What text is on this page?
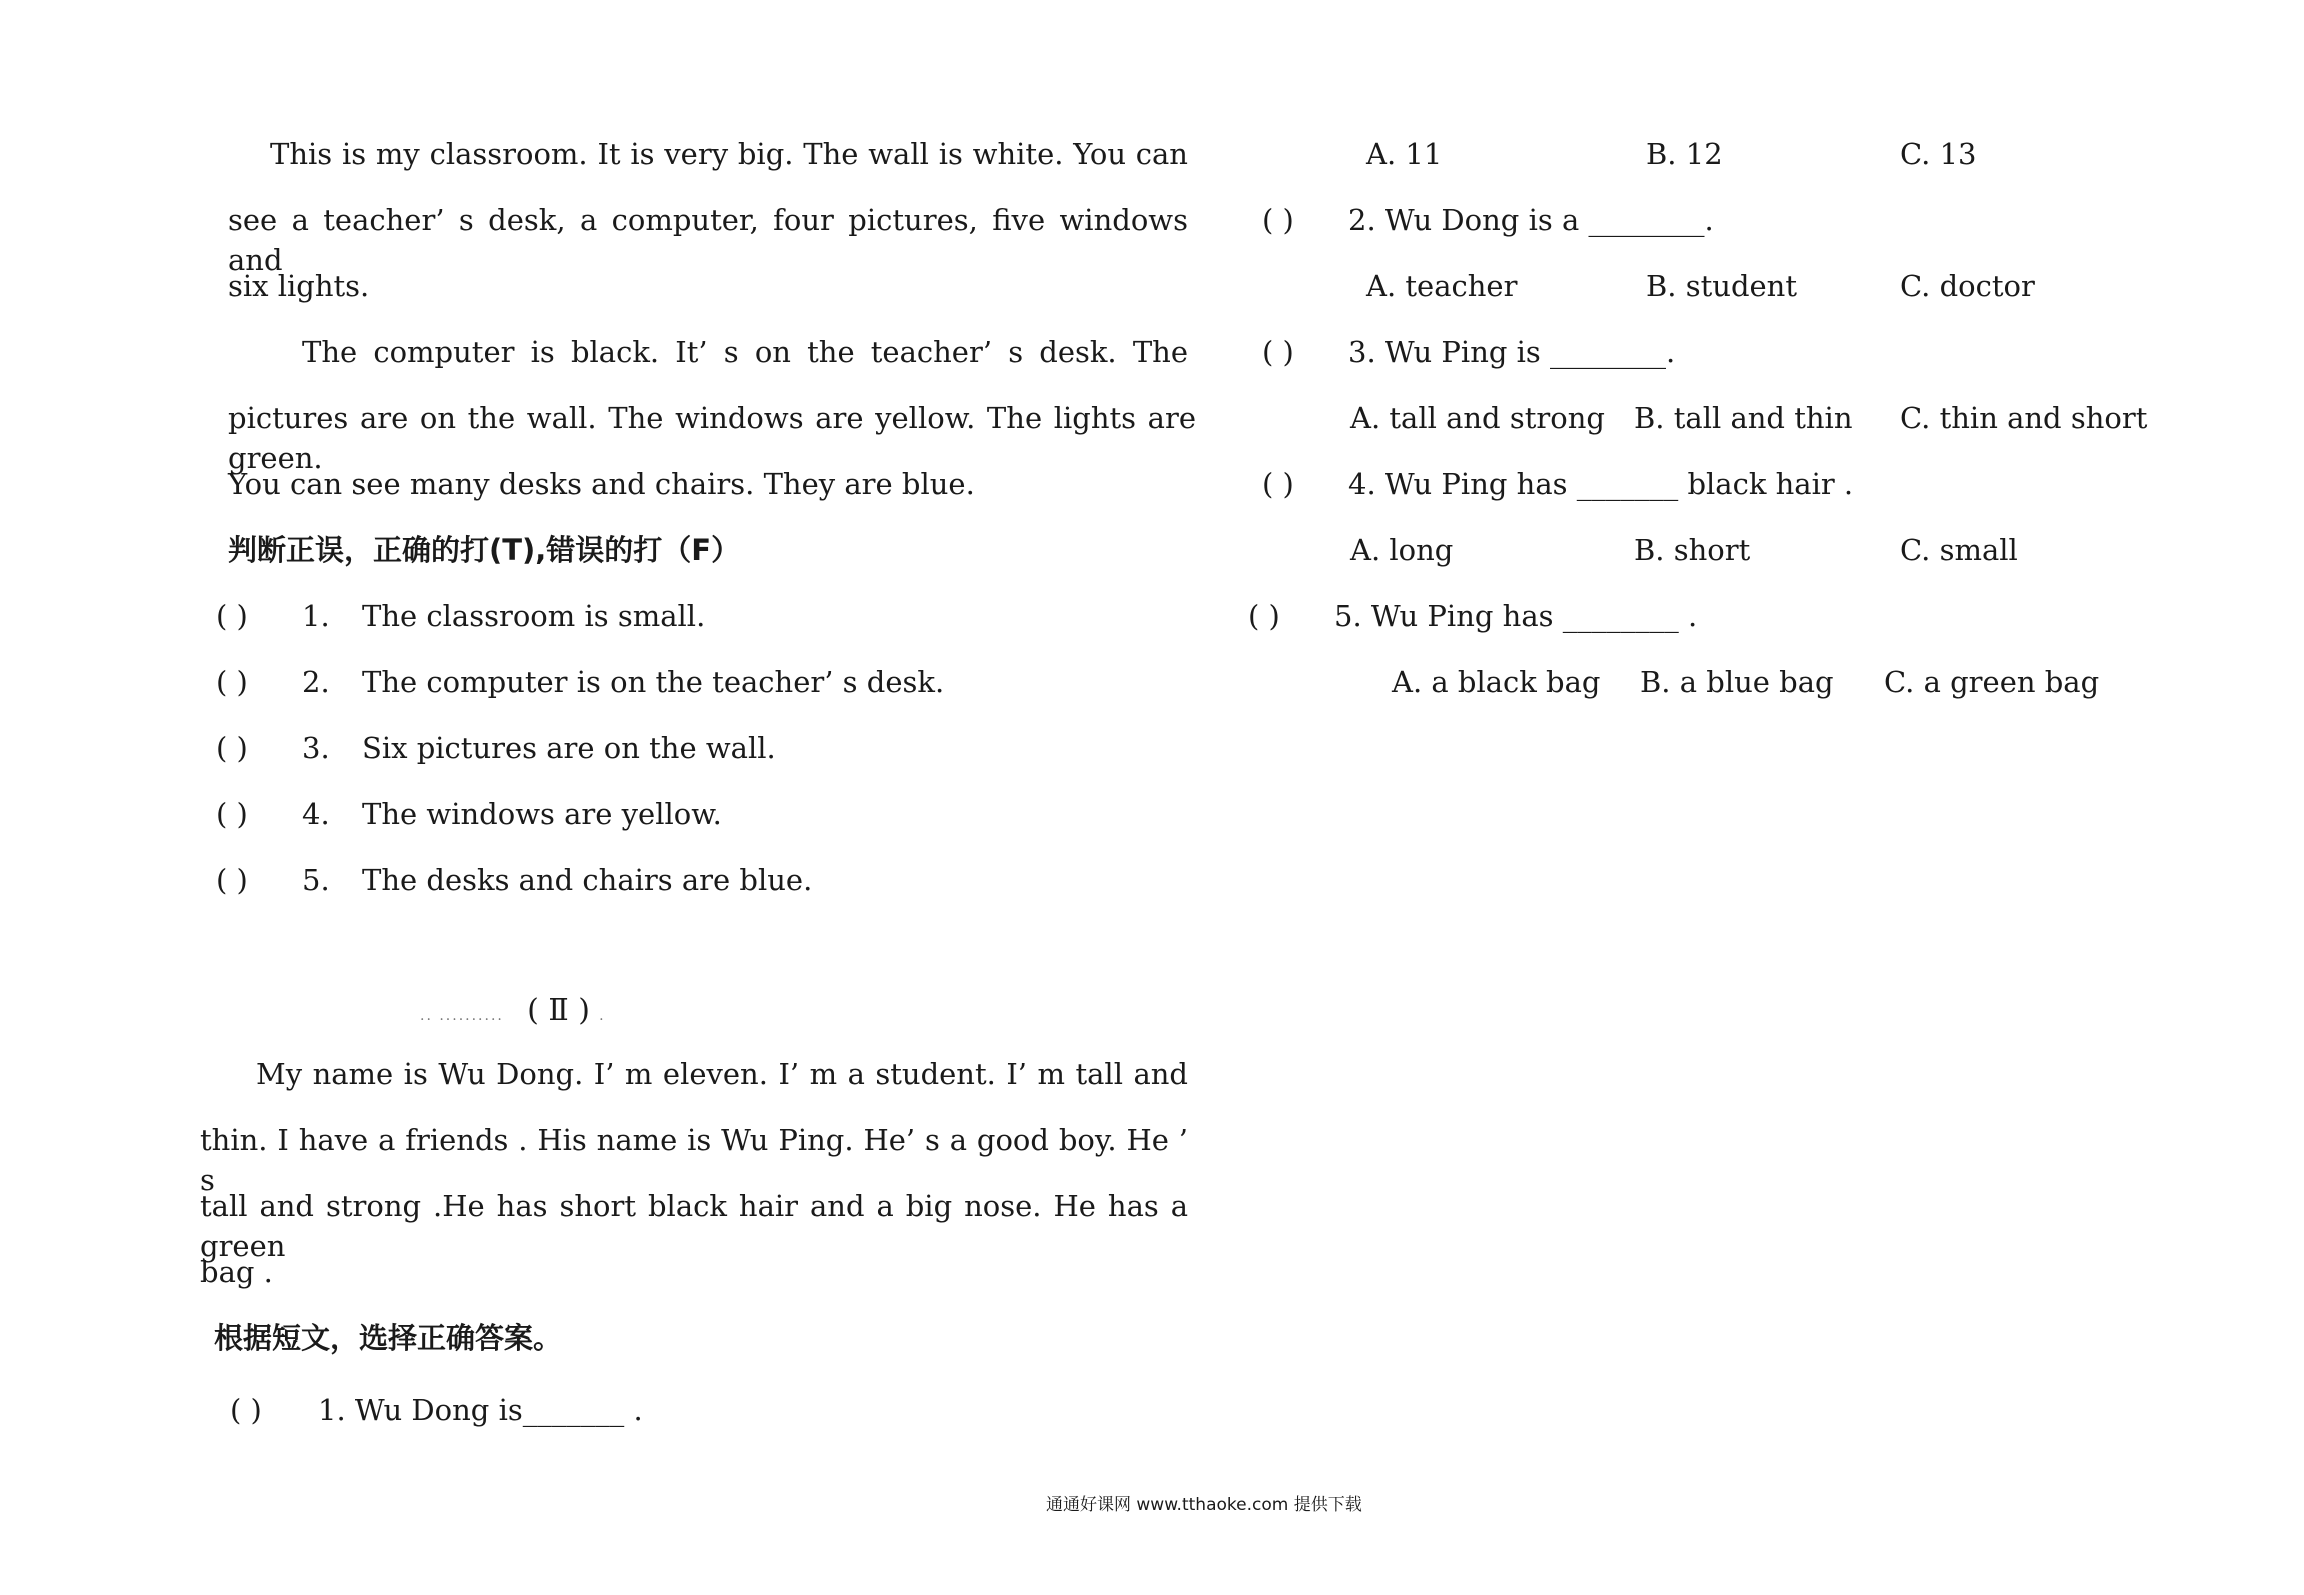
This is my classroom. It is very big. The wall is white. You can
see a teacher’ s desk, a computer, four pictures, five windows and
six lights.
The computer is black. It’ s on the teacher’ s desk. The
pictures are on the wall. The windows are yellow. The lights are green.
You can see many desks and chairs. They are blue.
判断正误，正确的打(T),错误的打（F）
( ) 1. The classroom is small.
( ) 2. The computer is on the teacher’ s desk.
( ) 3. Six pictures are on the wall.
( ) 4. The windows are yellow.
( ) 5. The desks and chairs are blue.
.. .......... ( Ⅱ ) .
My name is Wu Dong. I’ m eleven. I’ m a student. I’ m tall and
thin. I have a friends . His name is Wu Ping. He’ s a good boy. He ’ s
tall and strong .He has short black hair and a big nose. He has a green
bag .
根据短文，选择正确答案。
( ) 1. Wu Dong is_______ .
A. 11	B. 12	C. 13
( ) 2. Wu Dong is a ________.
A. teacher	B. student	C. doctor
( ) 3. Wu Ping is ________.
A. tall and strong B. tall and thin C. thin and short
( ) 4. Wu Ping has _______ black hair .
A. long	B. short	C. small
( ) 5. Wu Ping has ________ .
A. a black bag B. a blue bag C. a green bag
通通好课网 www.tthaoke.com 提供下载
